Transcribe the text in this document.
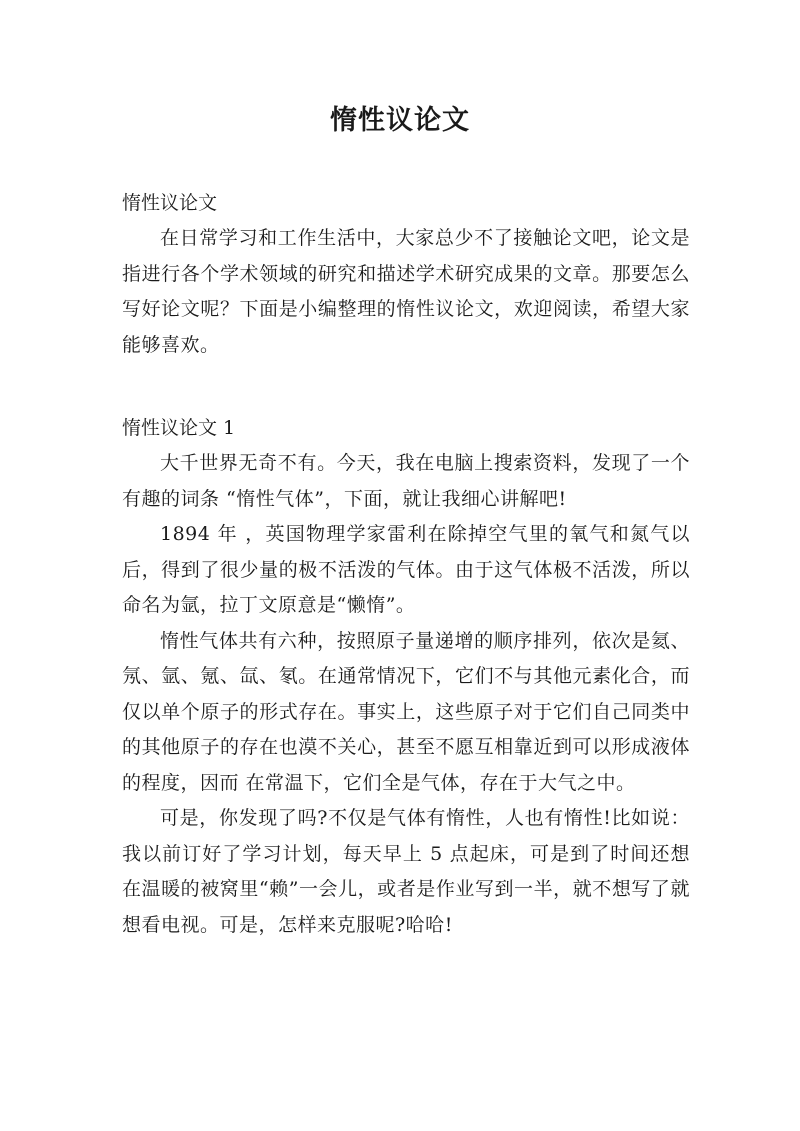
惰性议论文

惰性议论文

在日常学习和工作生活中，大家总少不了接触论文吧，论文是指进行各个学术领域的研究和描述学术研究成果的文章。那要怎么写好论文呢？下面是小编整理的惰性议论文，欢迎阅读，希望大家能够喜欢。

惰性议论文 1

大千世界无奇不有。今天，我在电脑上搜索资料，发现了一个有趣的词条 “惰性气体”，下面，就让我细心讲解吧!

1894 年 ，英国物理学家雷利在除掉空气里的氧气和氮气以后，得到了很少量的极不活泼的气体。由于这气体极不活泼，所以命名为氩，拉丁文原意是“懒惰”。

惰性气体共有六种，按照原子量递增的顺序排列，依次是氦、氖、氩、氪、氙、氡。在通常情况下，它们不与其他元素化合，而仅以单个原子的形式存在。事实上，这些原子对于它们自己同类中的其他原子的存在也漠不关心，甚至不愿互相靠近到可以形成液体的程度，因而 在常温下，它们全是气体，存在于大气之中。

可是，你发现了吗?不仅是气体有惰性，人也有惰性!比如说：我以前订好了学习计划，每天早上 5 点起床，可是到了时间还想在温暖的被窝里“赖”一会儿，或者是作业写到一半，就不想写了就想看电视。可是，怎样来克服呢?哈哈!
